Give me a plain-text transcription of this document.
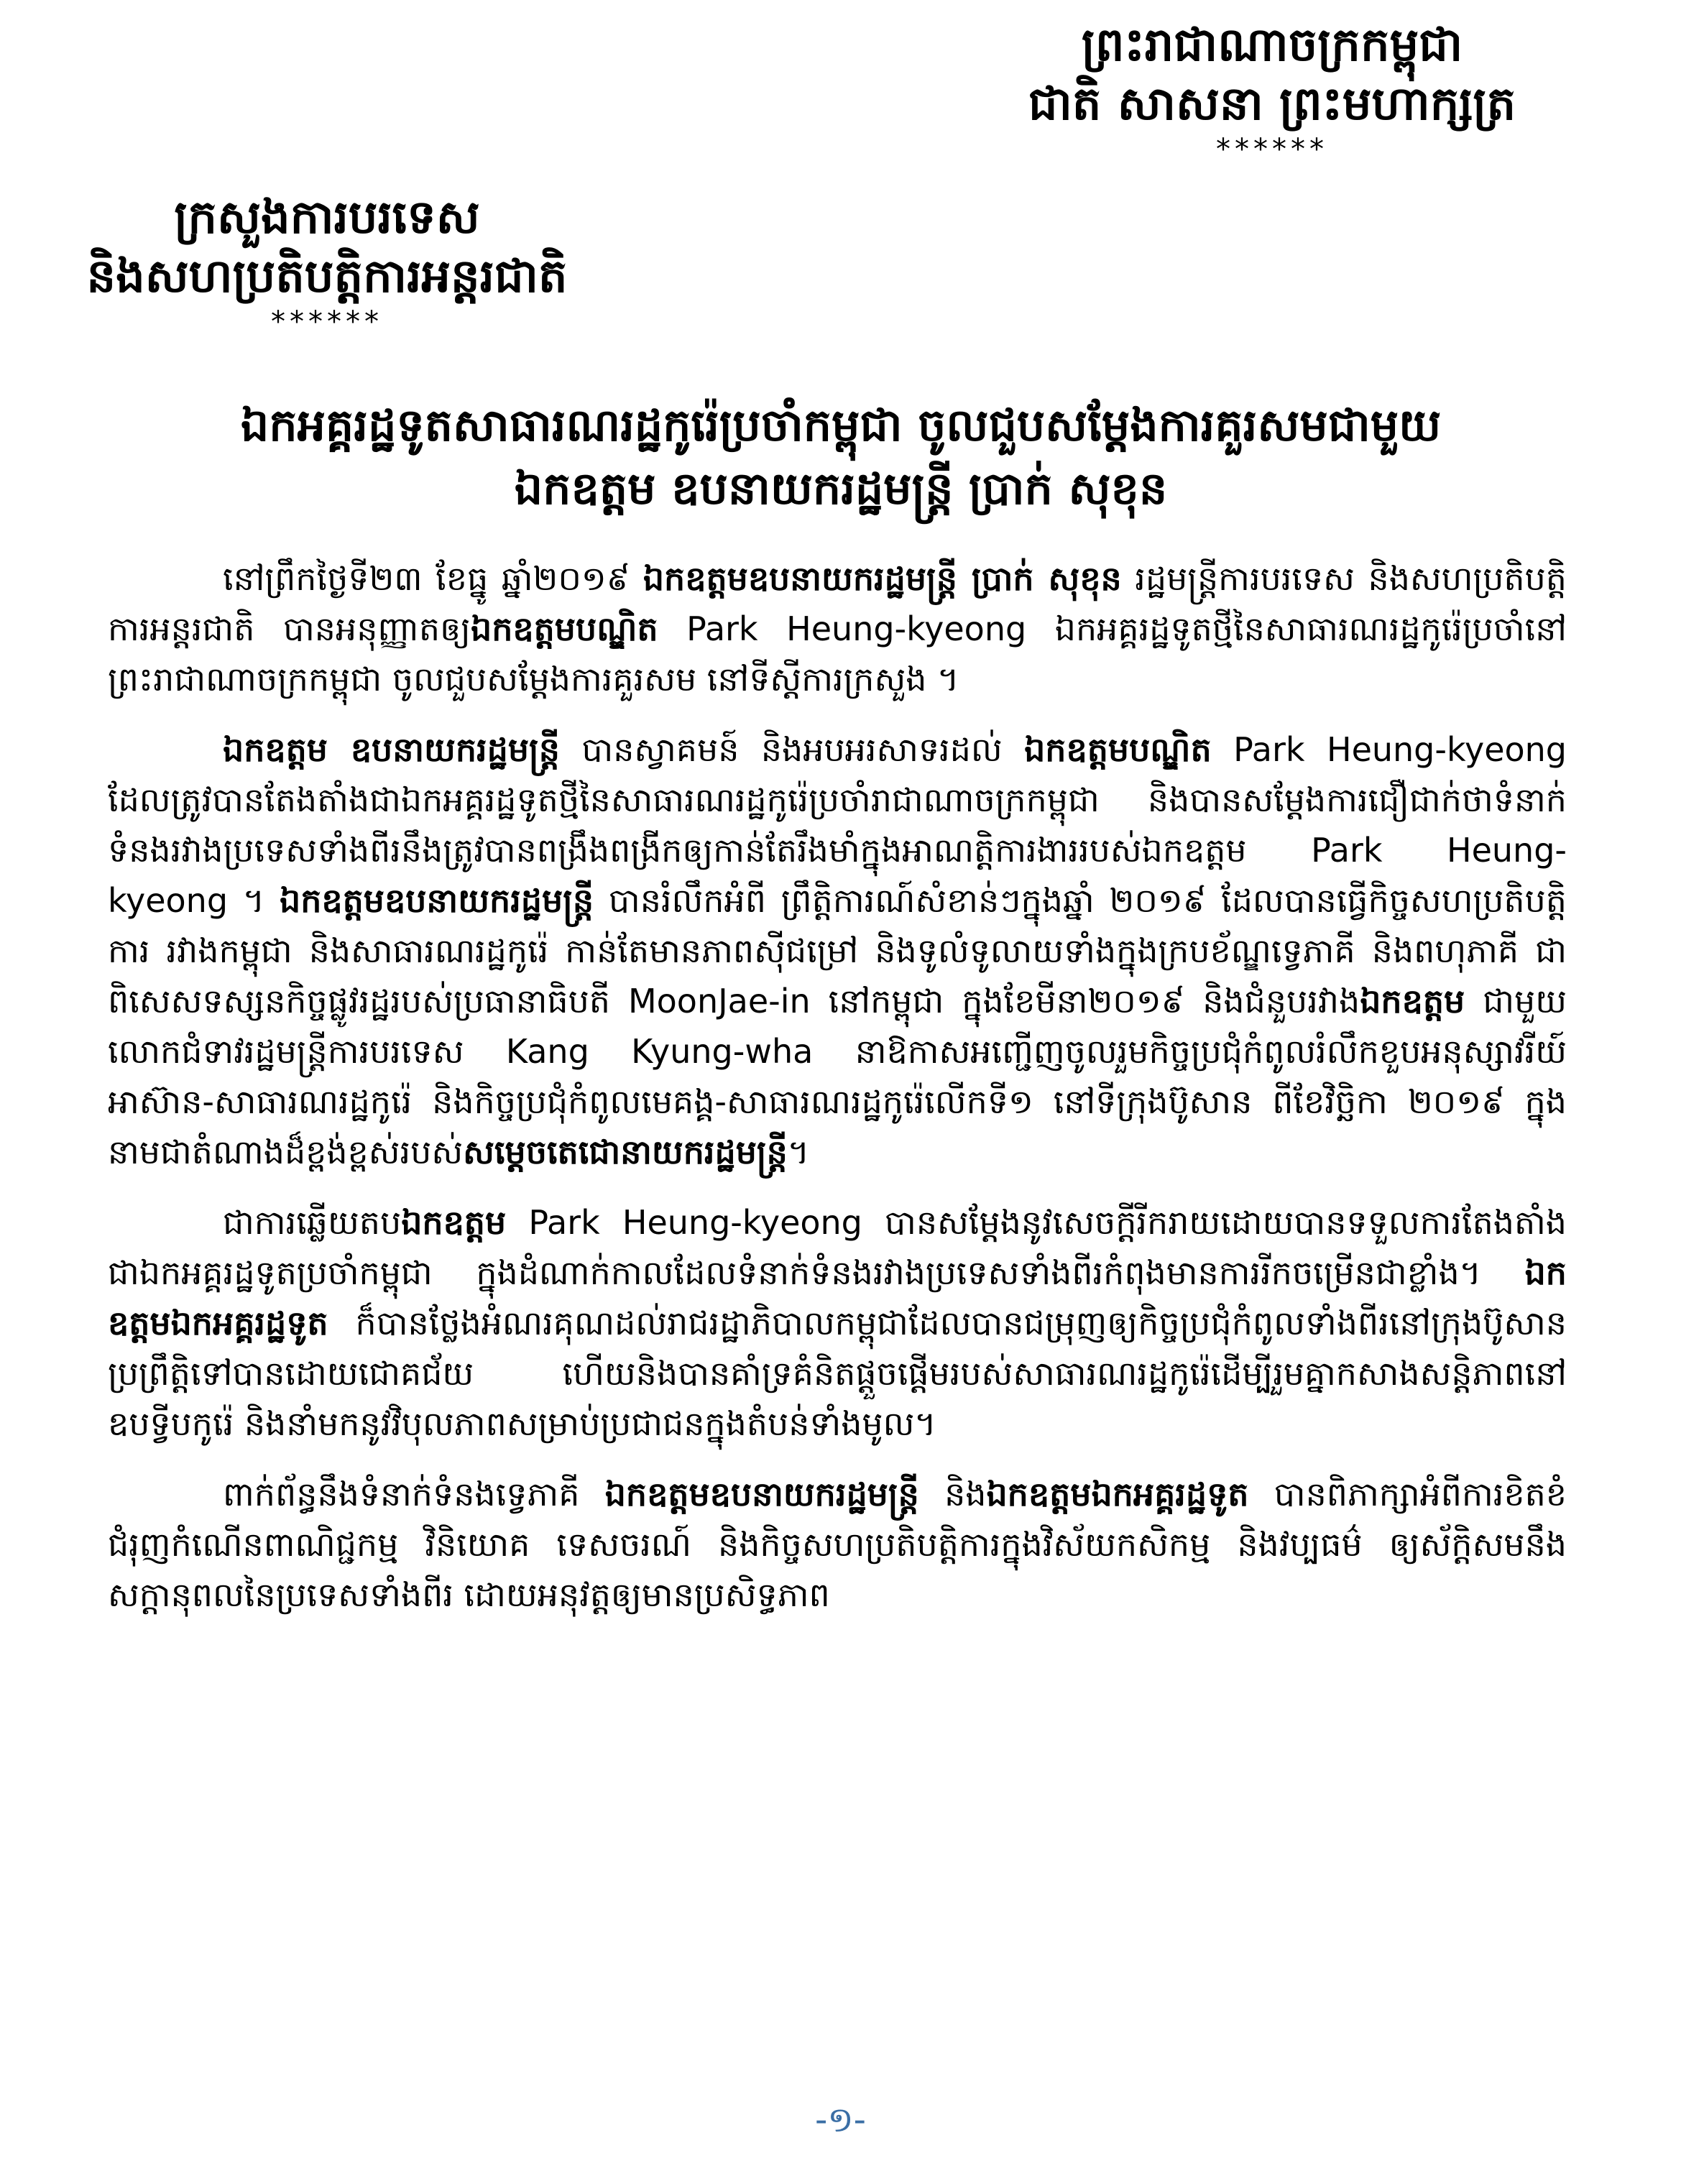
ព្រះរាជាណាចក្រកម្ពុជា
ជាតិ សាសនា ព្រះមហាក្សត្រ
******
ក្រសួងការបរទេស
និងសហប្រតិបត្តិការអន្តរជាតិ
******
ឯកអគ្គរដ្ឋទូតសាធារណរដ្ឋកូរ៉េប្រចាំកម្ពុជា ចូលជួបសម្តែងការគួរសមជាមួយ
ឯកឧត្តម ឧបនាយករដ្ឋមន្ត្រី ប្រាក់ សុខុន

នៅព្រឹកថ្ងៃទី២៣ ខែធ្នូ ឆ្នាំ២០១៩ ឯកឧត្តមឧបនាយករដ្ឋមន្ត្រី ប្រាក់ សុខុន រដ្ឋមន្ត្រីការបរទេស និងសហប្រតិបត្តិការអន្តរជាតិ បានអនុញ្ញាតឲ្យឯកឧត្តមបណ្ឌិត Park Heung-kyeong ឯកអគ្គរដ្ឋទូតថ្មីនៃសាធារណរដ្ឋកូរ៉េប្រចាំនៅព្រះរាជាណាចក្រកម្ពុជា ចូលជួបសម្តែងការគួរសម នៅទីស្តីការក្រសួង ។

ឯកឧត្តម ឧបនាយករដ្ឋមន្ត្រី បានស្វាគមន៍ និងអបអរសាទរដល់ ឯកឧត្តមបណ្ឌិត Park Heung-kyeong ដែលត្រូវបានតែងតាំងជាឯកអគ្គរដ្ឋទូតថ្មីនៃសាធារណរដ្ឋកូរ៉េប្រចាំរាជាណាចក្រកម្ពុជា និងបានសម្តែងការជឿជាក់ថាទំនាក់ទំនងរវាងប្រទេសទាំងពីរនឹងត្រូវបានពង្រឹងពង្រីកឲ្យកាន់តែរឹងមាំក្នុងអាណត្តិការងាររបស់ឯកឧត្តម Park Heung-kyeong ។ ឯកឧត្តមឧបនាយករដ្ឋមន្ត្រី បានរំលឹកអំពី ព្រឹត្តិការណ៍សំខាន់ៗក្នុងឆ្នាំ ២០១៩ ដែលបានធ្វើកិច្ចសហប្រតិបត្តិការ រវាងកម្ពុជា និងសាធារណរដ្ឋកូរ៉េ កាន់តែមានភាពស៊ីជម្រៅ និងទូលំទូលាយទាំងក្នុងក្របខ័ណ្ឌទ្វេភាគី និងពហុភាគី ជាពិសេសទស្សនកិច្ចផ្លូវរដ្ឋរបស់ប្រធានាធិបតី MoonJae-in នៅកម្ពុជា ក្នុងខែមីនា២០១៩ និងជំនួបរវាងឯកឧត្តម ជាមួយលោកជំទាវរដ្ឋមន្ត្រីការបរទេស Kang Kyung-wha នាឱកាសអញ្ជើញចូលរួមកិច្ចប្រជុំកំពូលរំលឹកខួបអនុស្សាវរីយ៍អាស៊ាន-សាធារណរដ្ឋកូរ៉េ និងកិច្ចប្រជុំកំពូលមេគង្គ-សាធារណរដ្ឋកូរ៉េលើកទី១ នៅទីក្រុងប៊ូសាន ពីខែវិច្ឆិកា ២០១៩ ក្នុងនាមជាតំណាងដ៏ខ្ពង់ខ្ពស់របស់សម្តេចតេជោនាយករដ្ឋមន្ត្រី។

ជាការឆ្លើយតបឯកឧត្តម Park Heung-kyeong បានសម្តែងនូវសេចក្តីរីករាយដោយបានទទួលការតែងតាំងជាឯកអគ្គរដ្ឋទូតប្រចាំកម្ពុជា ក្នុងដំណាក់កាលដែលទំនាក់ទំនងរវាងប្រទេសទាំងពីរកំពុងមានការរីកចម្រើនជាខ្លាំង។ ឯកឧត្តមឯកអគ្គរដ្ឋទូត ក៏បានថ្លែងអំណរគុណដល់រាជរដ្ឋាភិបាលកម្ពុជាដែលបានជម្រុញឲ្យកិច្ចប្រជុំកំពូលទាំងពីរនៅក្រុងប៊ូសាន ប្រព្រឹត្តិទៅបានដោយជោគជ័យ ហើយនិងបានគាំទ្រគំនិតផ្តួចផ្តើមរបស់សាធារណរដ្ឋកូរ៉េដើម្បីរួមគ្នាកសាងសន្តិភាពនៅឧបទ្វីបកូរ៉េ និងនាំមកនូវវិបុលភាពសម្រាប់ប្រជាជនក្នុងតំបន់ទាំងមូល។

ពាក់ព័ន្ធនឹងទំនាក់ទំនងទ្វេភាគី ឯកឧត្តមឧបនាយករដ្ឋមន្ត្រី និងឯកឧត្តមឯកអគ្គរដ្ឋទូត បានពិភាក្សាអំពីការខិតខំជំរុញកំណើនពាណិជ្ជកម្ម វិនិយោគ ទេសចរណ៍ និងកិច្ចសហប្រតិបត្តិការក្នុងវិស័យកសិកម្ម និងវប្បធម៌ ឲ្យស័ក្តិសមនឹងសក្តានុពលនៃប្រទេសទាំងពីរ ដោយអនុវត្តឲ្យមានប្រសិទ្ធភាព

-១-
